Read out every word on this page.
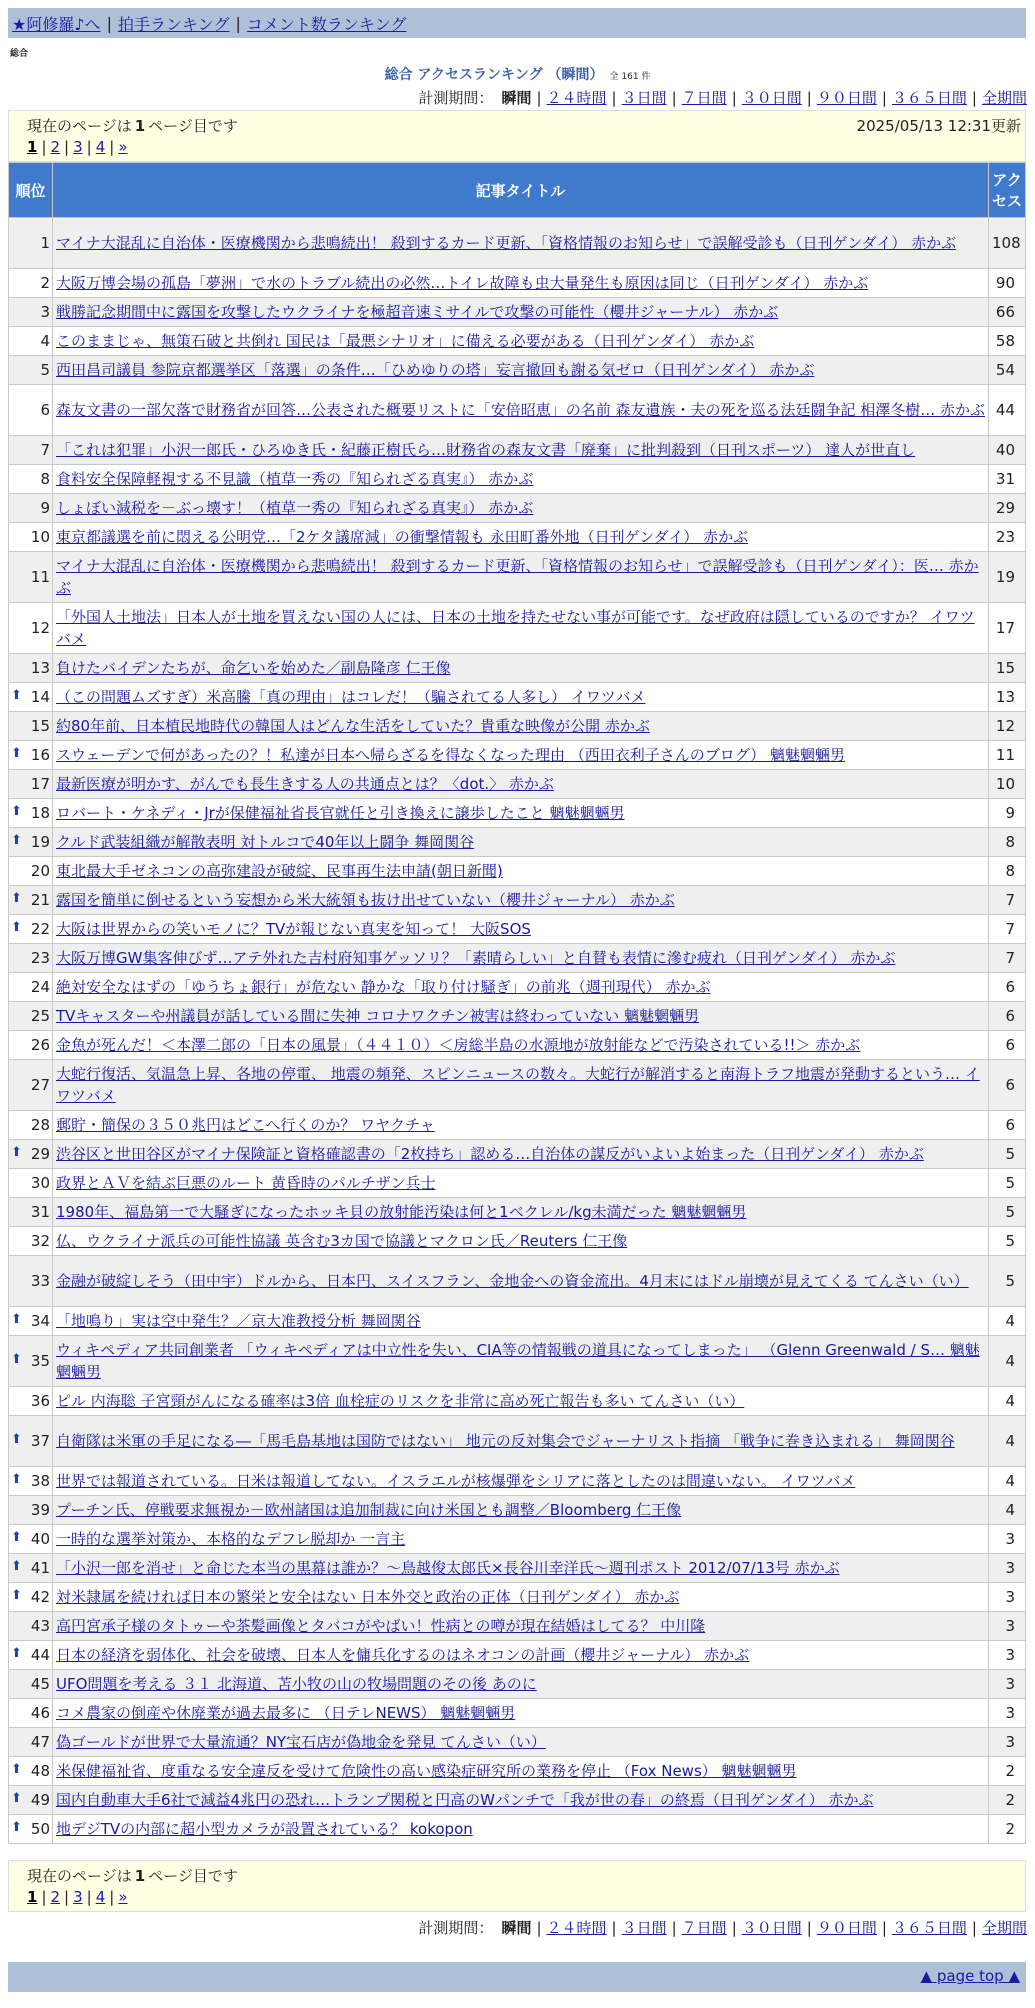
★阿修羅♪へ | 拍手ランキング | コメント数ランキング
総合
総合 アクセスランキング （瞬間） 全 161 件
計測期間： 瞬間 | ２４時間 | ３日間 | ７日間 | ３０日間 | ９０日間 | ３６５日間 | 全期間
現在のページは 1 ページ目です	2025/05/13 12:31更新
1 | 2 | 3 | 4 | »
順位	記事タイトル	アクセス
1	マイナ大混乱に自治体・医療機関から悲鳴続出！ 殺到するカード更新、「資格情報のお知らせ」で誤解受診も（日刊ゲンダイ） 赤かぶ	108
2	大阪万博会場の孤島「夢洲」で水のトラブル続出の必然…トイレ故障も虫大量発生も原因は同じ（日刊ゲンダイ） 赤かぶ	90
3	戦勝記念期間中に露国を攻撃したウクライナを極超音速ミサイルで攻撃の可能性（櫻井ジャーナル） 赤かぶ	66
4	このままじゃ、無策石破と共倒れ 国民は「最悪シナリオ」に備える必要がある（日刊ゲンダイ） 赤かぶ	58
5	西田昌司議員 参院京都選挙区「落選」の条件…「ひめゆりの塔」妄言撤回も謝る気ゼロ（日刊ゲンダイ） 赤かぶ	54
6	森友文書の一部欠落で財務省が回答…公表された概要リストに「安倍昭恵」の名前 森友遺族・夫の死を巡る法廷闘争記 相澤冬樹… 赤かぶ	44
7	「これは犯罪」小沢一郎氏・ひろゆき氏・紀藤正樹氏ら…財務省の森友文書「廃棄」に批判殺到（日刊スポーツ） 達人が世直し	40
8	食料安全保障軽視する不見識（植草一秀の『知られざる真実』） 赤かぶ	31
9	しょぼい減税を－ぶっ壊す！（植草一秀の『知られざる真実』） 赤かぶ	29
10	東京都議選を前に悶える公明党…「2ケタ議席減」の衝撃情報も 永田町番外地（日刊ゲンダイ） 赤かぶ	23
11	マイナ大混乱に自治体・医療機関から悲鳴続出！ 殺到するカード更新、「資格情報のお知らせ」で誤解受診も（日刊ゲンダイ）：医… 赤かぶ	19
12	「外国人土地法」日本人が土地を買えない国の人には、日本の土地を持たせない事が可能です。なぜ政府は隠しているのですか？ イワツバメ	17
13	負けたバイデンたちが、命乞いを始めた／副島隆彦 仁王像	15

⬆ 14	（この問題ムズすぎ）米高騰「真の理由」はコレだ！（騙されてる人多し） イワツバメ	13
15	約80年前、日本植民地時代の韓国人はどんな生活をしていた？貴重な映像が公開 赤かぶ	12

⬆ 16	スウェーデンで何があったの？！私達が日本へ帰らざるを得なくなった理由 （西田衣利子さんのブログ） 魑魅魍魎男	11
17	最新医療が明かす、がんでも長生きする人の共通点とは？〈dot.〉 赤かぶ	10

⬆ 18	ロバート・ケネディ・Jrが保健福祉省長官就任と引き換えに譲歩したこと 魑魅魍魎男	9

⬆ 19	クルド武装組織が解散表明 対トルコで40年以上闘争 舞岡関谷	8
20	東北最大手ゼネコンの高弥建設が破綻、民事再生法申請(朝日新聞)	8

⬆ 21	露国を簡単に倒せるという妄想から米大統領も抜け出せていない（櫻井ジャーナル） 赤かぶ	7

⬆ 22	大阪は世界からの笑いモノに？TVが報じない真実を知って！ 大阪SOS	7
23	大阪万博GW集客伸びず…アテ外れた吉村府知事ゲッソリ？「素晴らしい」と自賛も表情に滲む疲れ（日刊ゲンダイ） 赤かぶ	7
24	絶対安全なはずの「ゆうちょ銀行」が危ない 静かな「取り付け騒ぎ」の前兆（週刊現代） 赤かぶ	6
25	TVキャスターや州議員が話している間に失神 コロナワクチン被害は終わっていない 魑魅魍魎男	6
26	金魚が死んだ！＜本澤二郎の「日本の風景」（４４１０）＜房総半島の水源地が放射能などで汚染されている!!＞ 赤かぶ	6
27	大蛇行復活、気温急上昇、各地の停電、 地震の頻発、スピンニュースの数々。大蛇行が解消すると南海トラフ地震が発動するという… イワツバメ	6
28	郵貯・簡保の３５０兆円はどこへ行くのか？ ワヤクチャ	6

⬆ 29	渋谷区と世田谷区がマイナ保険証と資格確認書の「2枚持ち」認める…自治体の謀反がいよいよ始まった（日刊ゲンダイ） 赤かぶ	5
30	政界とＡＶを結ぶ巨悪のルート 黄昏時のパルチザン兵士	5
31	1980年、福島第一で大騒ぎになったホッキ貝の放射能汚染は何と1ベクレル/kg未満だった 魑魅魍魎男	5
32	仏、ウクライナ派兵の可能性協議 英含む3カ国で協議とマクロン氏／Reuters 仁王像	5
33	金融が破綻しそう（田中宇）ドルから、日本円、スイスフラン、金地金への資金流出。4月末にはドル崩壊が見えてくる てんさい（い）	5

⬆ 34	「地鳴り」実は空中発生？／京大准教授分析 舞岡関谷	4

⬆ 35	ウィキペディア共同創業者 「ウィキペディアは中立性を失い、CIA等の情報戦の道具になってしまった」 （Glenn Greenwald / S… 魑魅魍魎男	4
36	ピル 内海聡 子宮頸がんになる確率は3倍 血栓症のリスクを非常に高め死亡報告も多い てんさい（い）	4

⬆ 37	自衛隊は米軍の手足になる―「馬毛島基地は国防ではない」 地元の反対集会でジャーナリスト指摘 「戦争に巻き込まれる」 舞岡関谷	4

⬆ 38	世界では報道されている。日米は報道してない。イスラエルが核爆弾をシリアに落としたのは間違いない。 イワツバメ	4
39	プーチン氏、停戦要求無視か－欧州諸国は追加制裁に向け米国とも調整／Bloomberg 仁王像	4

⬆ 40	一時的な選挙対策か、本格的なデフレ脱却か 一言主	3

⬆ 41	「小沢一郎を消せ」と命じた本当の黒幕は誰か？～鳥越俊太郎氏×長谷川幸洋氏～週刊ポスト 2012/07/13号 赤かぶ	3

⬆ 42	対米隷属を続ければ日本の繁栄と安全はない 日本外交と政治の正体（日刊ゲンダイ） 赤かぶ	3
43	高円宮承子様のタトゥーや茶髪画像とタバコがやばい！性病との噂が現在結婚はしてる？ 中川隆	3

⬆ 44	日本の経済を弱体化、社会を破壊、日本人を傭兵化するのはネオコンの計画（櫻井ジャーナル） 赤かぶ	3
45	UFO問題を考える ３１ 北海道、苫小牧の山の牧場問題のその後 あのに	3
46	コメ農家の倒産や休廃業が過去最多に （日テレNEWS） 魑魅魍魎男	3
47	偽ゴールドが世界で大量流通？NY宝石店が偽地金を発見 てんさい（い）	3

⬆ 48	米保健福祉省、度重なる安全違反を受けて危険性の高い感染症研究所の業務を停止 （Fox News） 魑魅魍魎男	2

⬆ 49	国内自動車大手6社で減益4兆円の恐れ…トランプ関税と円高のWパンチで「我が世の春」の終焉（日刊ゲンダイ） 赤かぶ	2

⬆ 50	地デジTVの内部に超小型カメラが設置されている？ kokopon	2
現在のページは 1 ページ目です
1 | 2 | 3 | 4 | »
計測期間： 瞬間 | ２４時間 | ３日間 | ７日間 | ３０日間 | ９０日間 | ３６５日間 | 全期間
▲ page top ▲
